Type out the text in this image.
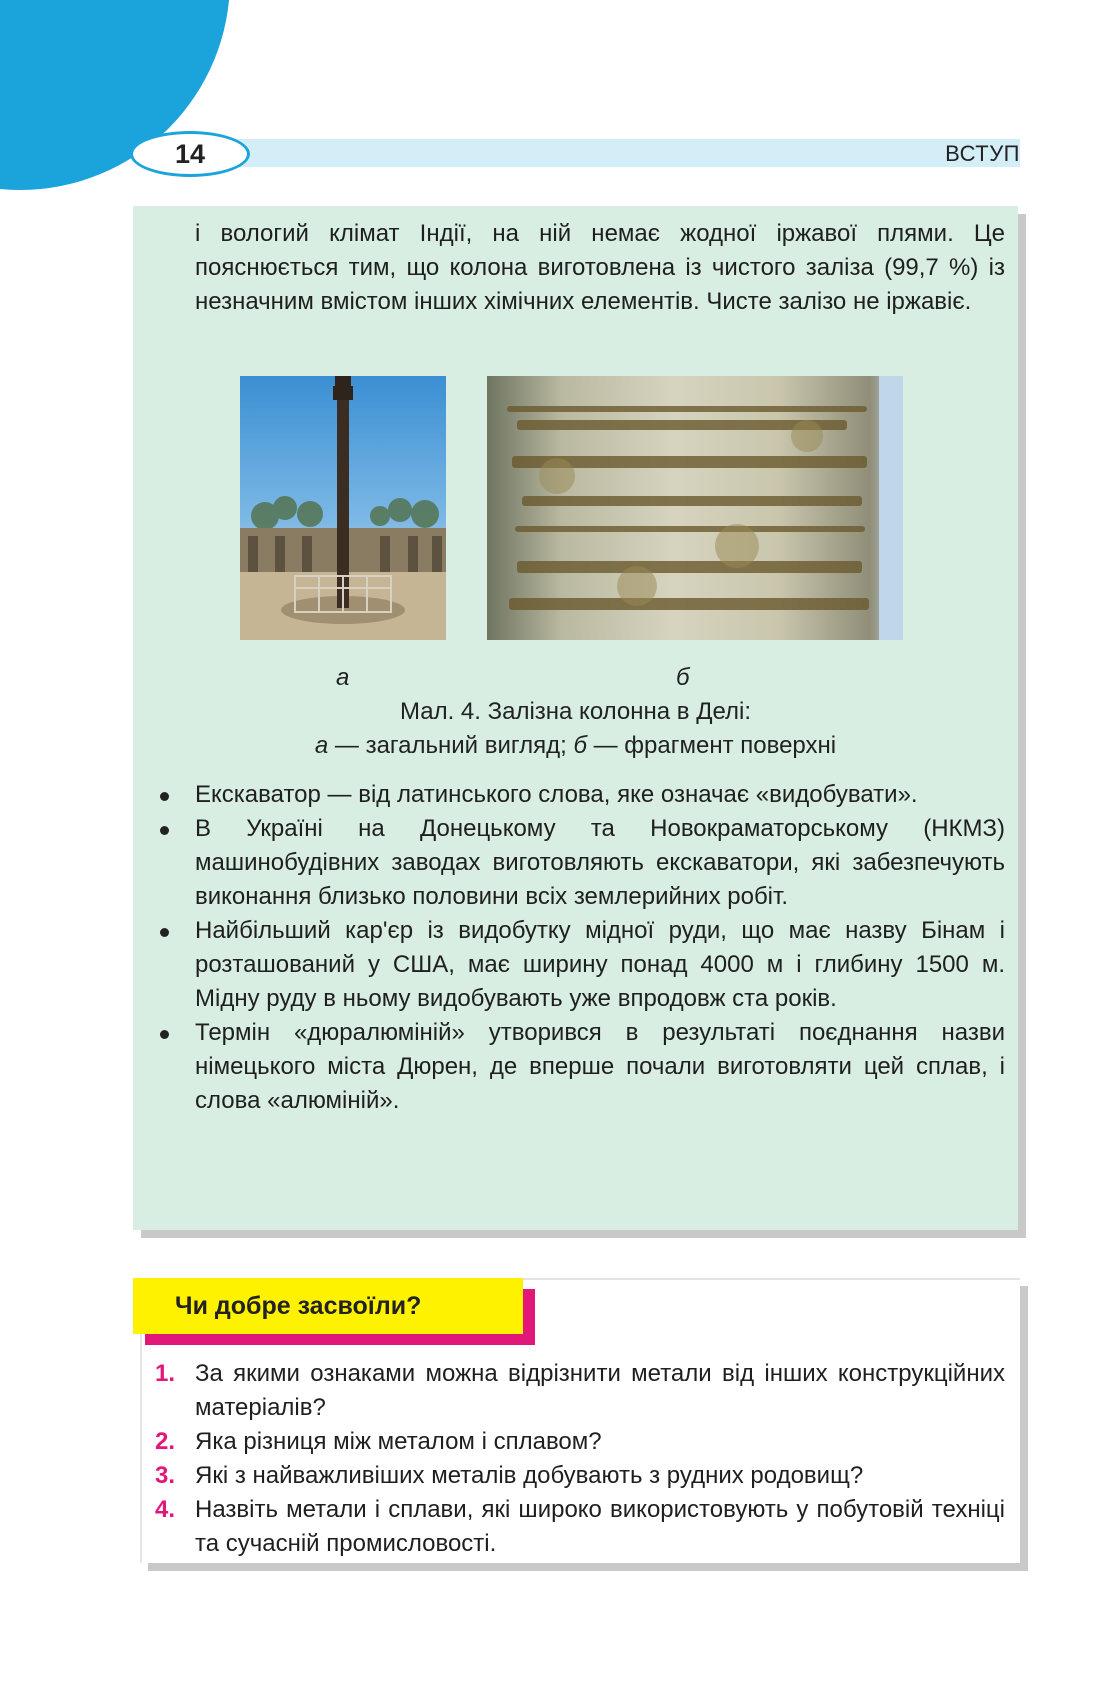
14	ВСТУП

і вологий клімат Індії, на ній немає жодної іржавої плями. Це пояснюється тим, що колона виготовлена із чистого заліза (99,7 %) із незначним вмістом інших хімічних елементів. Чисте залізо не іржавіє.

а	б
Мал. 4. Залізна колонна в Делі:
а — загальний вигляд; б — фрагмент поверхні
Екскаватор — від латинського слова, яке означає «видобувати».
В Україні на Донецькому та Новокраматорському (НКМЗ) машинобудівних заводах виготовляють екскаватори, які забезпечують виконання близько половини всіх землерийних робіт.
Найбільший кар'єр із видобутку мідної руди, що має назву Бінам і розташований у США, має ширину понад 4000 м і глибину 1500 м. Мідну руду в ньому видобувають уже впродовж ста років.
Термін «дюралюміній» утворився в результаті поєднання назви німецького міста Дюрен, де вперше почали виготовляти цей сплав, і слова «алюміній».
Чи добре засвоїли?
1. За якими ознаками можна відрізнити метали від інших конструкційних матеріалів?
2. Яка різниця між металом і сплавом?
3. Які з найважливіших металів добувають з рудних родовищ?
4. Назвіть метали і сплави, які широко використовують у побутовій техніці та сучасній промисловості.
